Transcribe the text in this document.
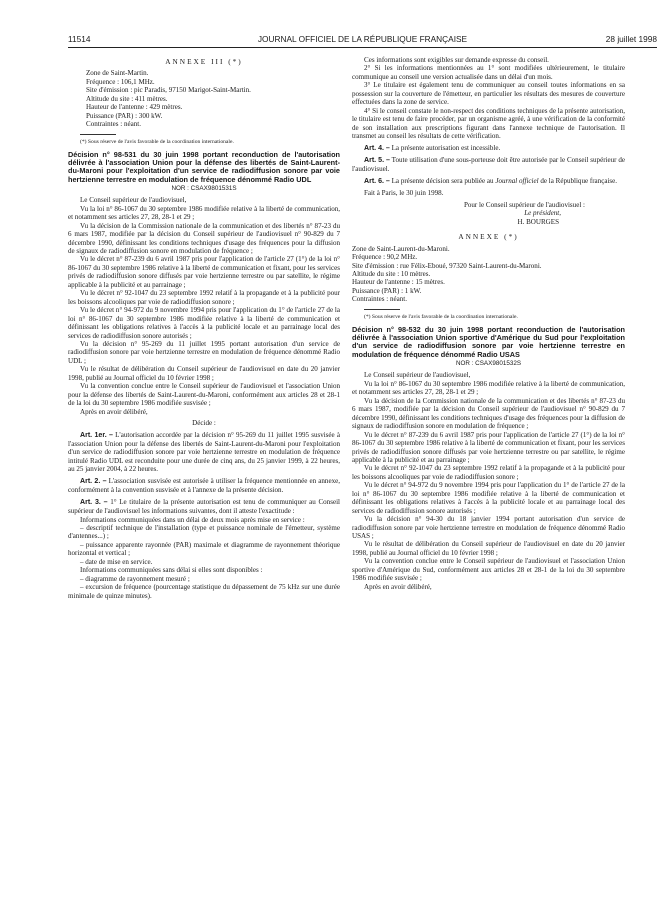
11514	JOURNAL OFFICIEL DE LA RÉPUBLIQUE FRANÇAISE	28 juillet 1998
ANNEXE III (*)
Zone de Saint-Martin.
Fréquence : 106,1 MHz.
Site d'émission : pic Paradis, 97150 Marigot-Saint-Martin.
Altitude du site : 411 mètres.
Hauteur de l'antenne : 429 mètres.
Puissance (PAR) : 300 kW.
Contraintes : néant.

(*) Sous réserve de l'avis favorable de la coordination internationale.

Décision n° 98-531 du 30 juin 1998 portant reconduction de l'autorisation délivrée à l'association Union pour la défense des libertés de Saint-Laurent-du-Maroni pour l'exploitation d'un service de radiodiffusion sonore par voie hertzienne terrestre en modulation de fréquence dénommé Radio UDL

NOR : CSAX9801531S

Le Conseil supérieur de l'audiovisuel,

Vu la loi n° 86-1067 du 30 septembre 1986 modifiée relative à la liberté de communication, et notamment ses articles 27, 28, 28-1 et 29 ;

Vu la décision de la Commission nationale de la communication et des libertés n° 87-23 du 6 mars 1987, modifiée par la décision du Conseil supérieur de l'audiovisuel n° 90-829 du 7 décembre 1990, définissant les conditions techniques d'usage des fréquences pour la diffusion de signaux de radiodiffusion sonore en modulation de fréquence ;

Vu le décret n° 87-239 du 6 avril 1987 pris pour l'application de l'article 27 (1°) de la loi n° 86-1067 du 30 septembre 1986 relative à la liberté de communication et fixant, pour les services privés de radiodiffusion sonore diffusés par voie hertzienne terrestre ou par satellite, le régime applicable à la publicité et au parrainage ;

Vu le décret n° 92-1047 du 23 septembre 1992 relatif à la propagande et à la publicité pour les boissons alcooliques par voie de radiodiffusion sonore ;

Vu le décret n° 94-972 du 9 novembre 1994 pris pour l'application du 1° de l'article 27 de la loi n° 86-1067 du 30 septembre 1986 modifiée relative à la liberté de communication et définissant les obligations relatives à l'accès à la publicité locale et au parrainage local des services de radiodiffusion sonore autorisés ;

Vu la décision n° 95-269 du 11 juillet 1995 portant autorisation d'un service de radiodiffusion sonore par voie hertzienne terrestre en modulation de fréquence dénommé Radio UDL ;

Vu le résultat de délibération du Conseil supérieur de l'audiovisuel en date du 20 janvier 1998, publié au Journal officiel du 10 février 1998 ;

Vu la convention conclue entre le Conseil supérieur de l'audiovisuel et l'association Union pour la défense des libertés de Saint-Laurent-du-Maroni, conformément aux articles 28 et 28-1 de la loi du 30 septembre 1986 modifiée susvisée ;

Après en avoir délibéré,

Décide :

Art. 1er. – L'autorisation accordée par la décision n° 95-269 du 11 juillet 1995 susvisée à l'association Union pour la défense des libertés de Saint-Laurent-du-Maroni pour l'exploitation d'un service de radiodiffusion sonore par voie hertzienne terrestre en modulation de fréquence intitulé Radio UDL est reconduite pour une durée de cinq ans, du 25 janvier 1999, à 22 heures, au 25 janvier 2004, à 22 heures.

Art. 2. – L'association susvisée est autorisée à utiliser la fréquence mentionnée en annexe, conformément à la convention susvisée et à l'annexe de la présente décision.

Art. 3. – 1° Le titulaire de la présente autorisation est tenu de communiquer au Conseil supérieur de l'audiovisuel les informations suivantes, dont il atteste l'exactitude :

Informations communiquées dans un délai de deux mois après mise en service :

– descriptif technique de l'installation (type et puissance nominale de l'émetteur, système d'antennes...) ;

– puissance apparente rayonnée (PAR) maximale et diagramme de rayonnement théorique horizontal et vertical ;

– date de mise en service.

Informations communiquées sans délai si elles sont disponibles :

– diagramme de rayonnement mesuré ;

– excursion de fréquence (pourcentage statistique du dépassement de 75 kHz sur une durée minimale de quinze minutes).

Ces informations sont exigibles sur demande expresse du conseil.

2° Si les informations mentionnées au 1° sont modifiées ultérieurement, le titulaire communique au conseil une version actualisée dans un délai d'un mois.

3° Le titulaire est également tenu de communiquer au conseil toutes informations en sa possession sur la couverture de l'émetteur, en particulier les résultats des mesures de couverture effectuées dans la zone de service.

4° Si le conseil constate le non-respect des conditions techniques de la présente autorisation, le titulaire est tenu de faire procéder, par un organisme agréé, à une vérification de la conformité de son installation aux prescriptions figurant dans l'annexe technique de l'autorisation. Il transmet au conseil les résultats de cette vérification.

Art. 4. – La présente autorisation est incessible.

Art. 5. – Toute utilisation d'une sous-porteuse doit être autorisée par le Conseil supérieur de l'audiovisuel.

Art. 6. – La présente décision sera publiée au Journal officiel de la République française.

Fait à Paris, le 30 juin 1998.

Pour le Conseil supérieur de l'audiovisuel :

Le président,

H. BOURGES

ANNEXE (*)
Zone de Saint-Laurent-du-Maroni.
Fréquence : 90,2 MHz.
Site d'émission : rue Félix-Eboué, 97320 Saint-Laurent-du-Maroni.
Altitude du site : 10 mètres.
Hauteur de l'antenne : 15 mètres.
Puissance (PAR) : 1 kW.
Contraintes : néant.

(*) Sous réserve de l'avis favorable de la coordination internationale.

Décision n° 98-532 du 30 juin 1998 portant reconduction de l'autorisation délivrée à l'association Union sportive d'Amérique du Sud pour l'exploitation d'un service de radiodiffusion sonore par voie hertzienne terrestre en modulation de fréquence dénommé Radio USAS

NOR : CSAX9801532S

Le Conseil supérieur de l'audiovisuel,

Vu la loi n° 86-1067 du 30 septembre 1986 modifiée relative à la liberté de communication, et notamment ses articles 27, 28, 28-1 et 29 ;

Vu la décision de la Commission nationale de la communication et des libertés n° 87-23 du 6 mars 1987, modifiée par la décision du Conseil supérieur de l'audiovisuel n° 90-829 du 7 décembre 1990, définissant les conditions techniques d'usage des fréquences pour la diffusion de signaux de radiodiffusion sonore en modulation de fréquence ;

Vu le décret n° 87-239 du 6 avril 1987 pris pour l'application de l'article 27 (1°) de la loi n° 86-1067 du 30 septembre 1986 relative à la liberté de communication et fixant, pour les services privés de radiodiffusion sonore diffusés par voie hertzienne terrestre ou par satellite, le régime applicable à la publicité et au parrainage ;

Vu le décret n° 92-1047 du 23 septembre 1992 relatif à la propagande et à la publicité pour les boissons alcooliques par voie de radiodiffusion sonore ;

Vu le décret n° 94-972 du 9 novembre 1994 pris pour l'application du 1° de l'article 27 de la loi n° 86-1067 du 30 septembre 1986 modifiée relative à la liberté de communication et définissant les obligations relatives à l'accès à la publicité locale et au parrainage local des services de radiodiffusion sonore autorisés ;

Vu la décision n° 94-30 du 18 janvier 1994 portant autorisation d'un service de radiodiffusion sonore par voie hertzienne terrestre en modulation de fréquence dénommé Radio USAS ;

Vu le résultat de délibération du Conseil supérieur de l'audiovisuel en date du 20 janvier 1998, publié au Journal officiel du 10 février 1998 ;

Vu la convention conclue entre le Conseil supérieur de l'audiovisuel et l'association Union sportive d'Amérique du Sud, conformément aux articles 28 et 28-1 de la loi du 30 septembre 1986 modifiée susvisée ;

Après en avoir délibéré,
